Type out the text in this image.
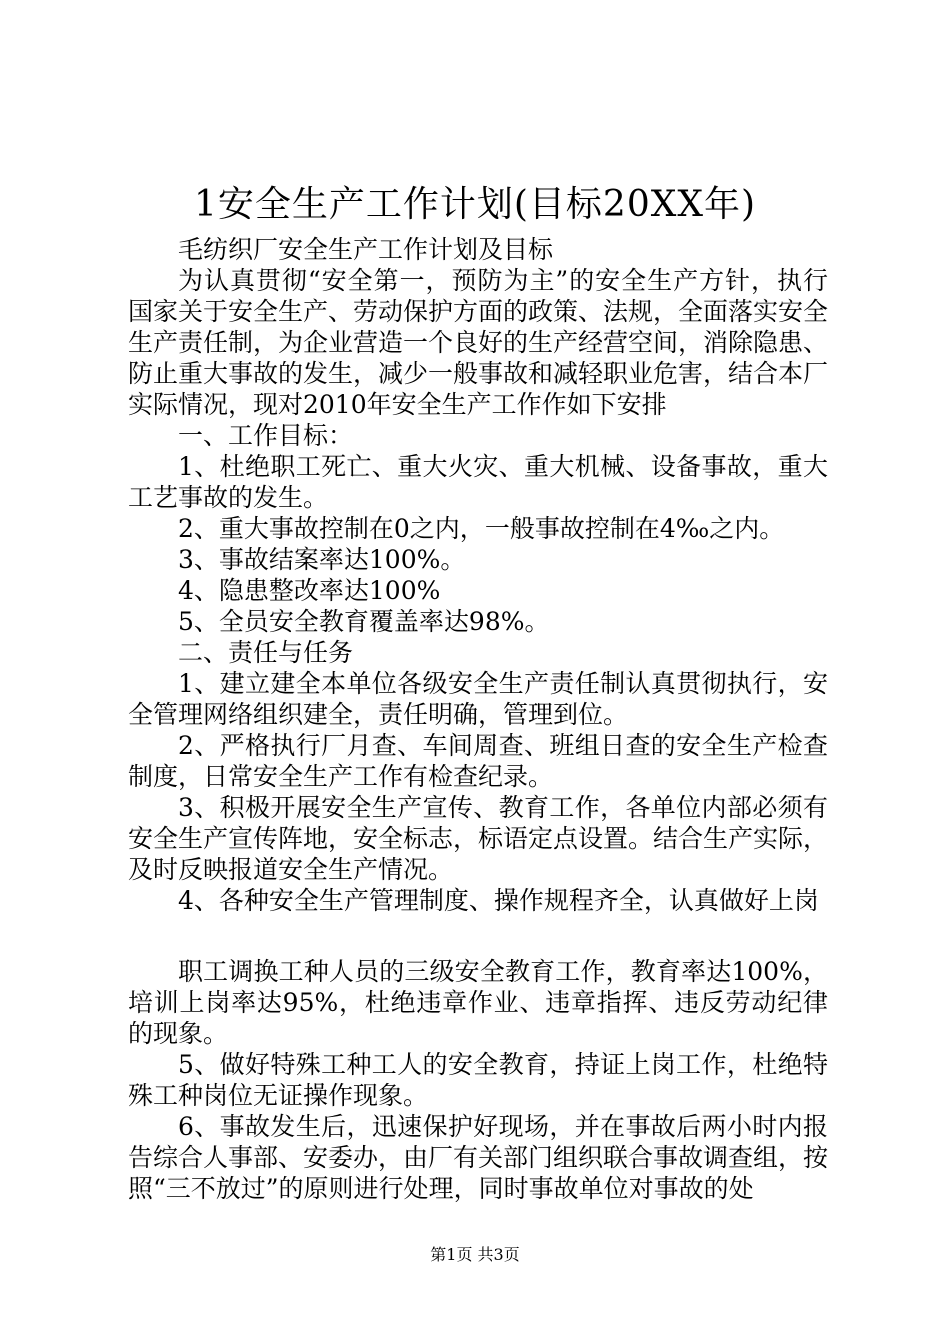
1安全生产工作计划(目标20XX年)

毛纺织厂安全生产工作计划及目标

为认真贯彻“安全第一，预防为主”的安全生产方针，执行国家关于安全生产、劳动保护方面的政策、法规，全面落实安全生产责任制，为企业营造一个良好的生产经营空间，消除隐患、防止重大事故的发生，减少一般事故和减轻职业危害，结合本厂实际情况，现对2010年安全生产工作作如下安排

一、工作目标：

1、杜绝职工死亡、重大火灾、重大机械、设备事故，重大工艺事故的发生。

2、重大事故控制在0之内，一般事故控制在4‰之内。

3、事故结案率达100%。

4、隐患整改率达100%

5、全员安全教育覆盖率达98%。

二、责任与任务

1、建立建全本单位各级安全生产责任制认真贯彻执行，安全管理网络组织建全，责任明确，管理到位。

2、严格执行厂月查、车间周查、班组日查的安全生产检查制度，日常安全生产工作有检查纪录。

3、积极开展安全生产宣传、教育工作，各单位内部必须有安全生产宣传阵地，安全标志，标语定点设置。结合生产实际，及时反映报道安全生产情况。

4、各种安全生产管理制度、操作规程齐全，认真做好上岗

职工调换工种人员的三级安全教育工作，教育率达100%，培训上岗率达95%，杜绝违章作业、违章指挥、违反劳动纪律的现象。

5、做好特殊工种工人的安全教育，持证上岗工作，杜绝特殊工种岗位无证操作现象。

6、事故发生后，迅速保护好现场，并在事故后两小时内报告综合人事部、安委办，由厂有关部门组织联合事故调查组，按照“三不放过”的原则进行处理，同时事故单位对事故的处

第1页 共3页
